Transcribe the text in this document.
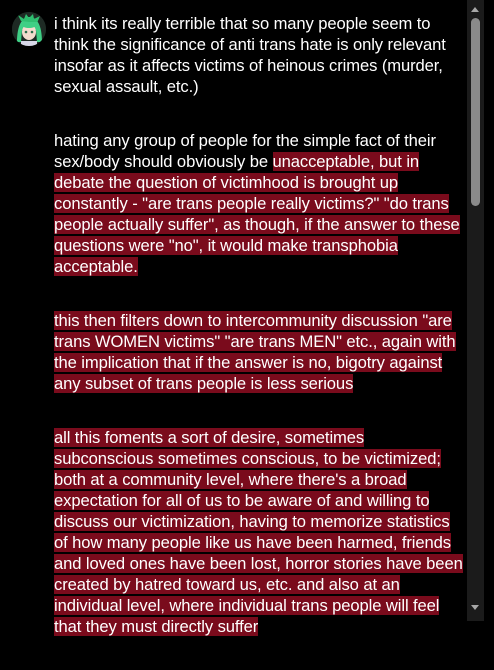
i think its really terrible that so many people seem to think the significance of anti trans hate is only relevant insofar as it affects victims of heinous crimes (murder, sexual assault, etc.)

hating any group of people for the simple fact of their sex/body should obviously be unacceptable, but in debate the question of victimhood is brought up constantly - "are trans people really victims?" "do trans people actually suffer", as though, if the answer to these questions were "no", it would make transphobia acceptable.

this then filters down to intercommunity discussion "are trans WOMEN victims" "are trans MEN" etc., again with the implication that if the answer is no, bigotry against any subset of trans people is less serious

all this foments a sort of desire, sometimes subconscious sometimes conscious, to be victimized; both at a community level, where there's a broad expectation for all of us to be aware of and willing to discuss our victimization, having to memorize statistics of how many people like us have been harmed, friends and loved ones have been lost, horror stories have been created by hatred toward us, etc. and also at an individual level, where individual trans people will feel that they must directly suffer
